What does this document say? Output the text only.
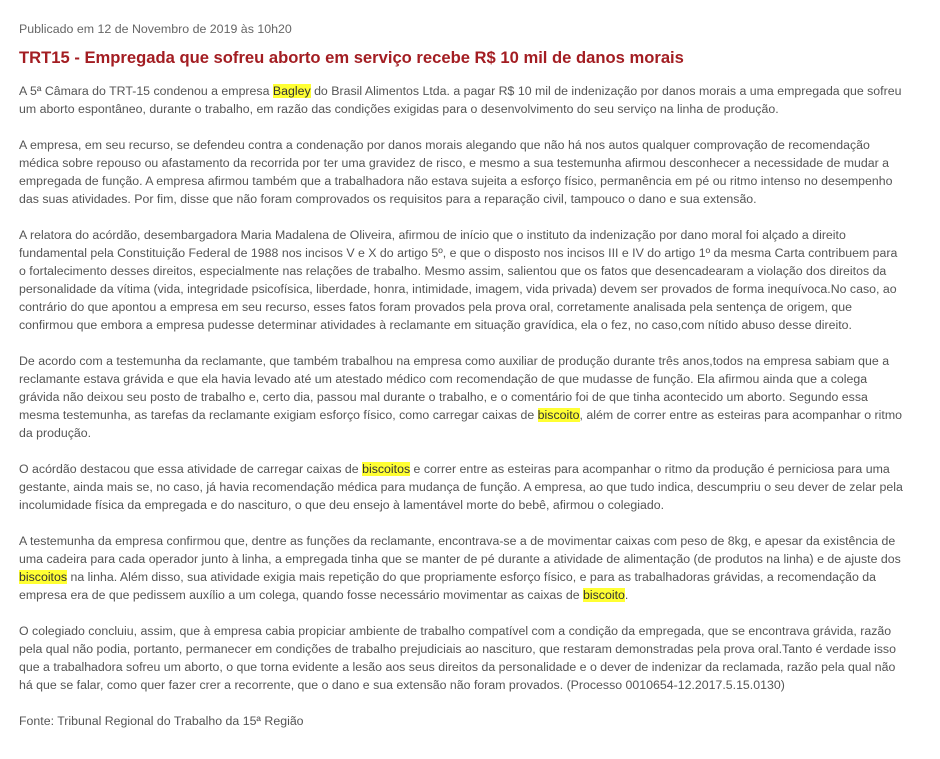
Publicado em 12 de Novembro de 2019 às 10h20

TRT15 - Empregada que sofreu aborto em serviço recebe R$ 10 mil de danos morais

A 5ª Câmara do TRT-15 condenou a empresa Bagley do Brasil Alimentos Ltda. a pagar R$ 10 mil de indenização por danos morais a uma empregada que sofreu um aborto espontâneo, durante o trabalho, em razão das condições exigidas para o desenvolvimento do seu serviço na linha de produção.

A empresa, em seu recurso, se defendeu contra a condenação por danos morais alegando que não há nos autos qualquer comprovação de recomendação médica sobre repouso ou afastamento da recorrida por ter uma gravidez de risco, e mesmo a sua testemunha afirmou desconhecer a necessidade de mudar a empregada de função. A empresa afirmou também que a trabalhadora não estava sujeita a esforço físico, permanência em pé ou ritmo intenso no desempenho das suas atividades. Por fim, disse que não foram comprovados os requisitos para a reparação civil, tampouco o dano e sua extensão.

A relatora do acórdão, desembargadora Maria Madalena de Oliveira, afirmou de início que o instituto da indenização por dano moral foi alçado a direito fundamental pela Constituição Federal de 1988 nos incisos V e X do artigo 5º, e que o disposto nos incisos III e IV do artigo 1º da mesma Carta contribuem para o fortalecimento desses direitos, especialmente nas relações de trabalho. Mesmo assim, salientou que os fatos que desencadearam a violação dos direitos da personalidade da vítima (vida, integridade psicofísica, liberdade, honra, intimidade, imagem, vida privada) devem ser provados de forma inequívoca.No caso, ao contrário do que apontou a empresa em seu recurso, esses fatos foram provados pela prova oral, corretamente analisada pela sentença de origem, que confirmou que embora a empresa pudesse determinar atividades à reclamante em situação gravídica, ela o fez, no caso,com nítido abuso desse direito.

De acordo com a testemunha da reclamante, que também trabalhou na empresa como auxiliar de produção durante três anos,todos na empresa sabiam que a reclamante estava grávida e que ela havia levado até um atestado médico com recomendação de que mudasse de função. Ela afirmou ainda que a colega grávida não deixou seu posto de trabalho e, certo dia, passou mal durante o trabalho, e o comentário foi de que tinha acontecido um aborto. Segundo essa mesma testemunha, as tarefas da reclamante exigiam esforço físico, como carregar caixas de biscoito, além de correr entre as esteiras para acompanhar o ritmo da produção.

O acórdão destacou que essa atividade de carregar caixas de biscoitos e correr entre as esteiras para acompanhar o ritmo da produção é perniciosa para uma gestante, ainda mais se, no caso, já havia recomendação médica para mudança de função. A empresa, ao que tudo indica, descumpriu o seu dever de zelar pela incolumidade física da empregada e do nascituro, o que deu ensejo à lamentável morte do bebê, afirmou o colegiado.

A testemunha da empresa confirmou que, dentre as funções da reclamante, encontrava-se a de movimentar caixas com peso de 8kg, e apesar da existência de uma cadeira para cada operador junto à linha, a empregada tinha que se manter de pé durante a atividade de alimentação (de produtos na linha) e de ajuste dos biscoitos na linha. Além disso, sua atividade exigia mais repetição do que propriamente esforço físico, e para as trabalhadoras grávidas, a recomendação da empresa era de que pedissem auxílio a um colega, quando fosse necessário movimentar as caixas de biscoito.

O colegiado concluiu, assim, que à empresa cabia propiciar ambiente de trabalho compatível com a condição da empregada, que se encontrava grávida, razão pela qual não podia, portanto, permanecer em condições de trabalho prejudiciais ao nascituro, que restaram demonstradas pela prova oral.Tanto é verdade isso que a trabalhadora sofreu um aborto, o que torna evidente a lesão aos seus direitos da personalidade e o dever de indenizar da reclamada, razão pela qual não há que se falar, como quer fazer crer a recorrente, que o dano e sua extensão não foram provados. (Processo 0010654-12.2017.5.15.0130)

Fonte: Tribunal Regional do Trabalho da 15ª Região
